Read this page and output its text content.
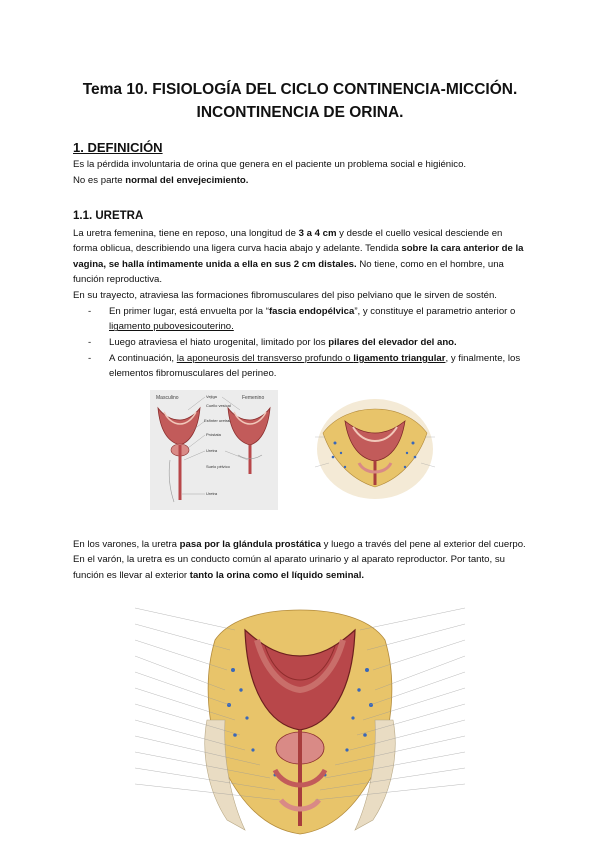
Tema 10. FISIOLOGÍA DEL CICLO CONTINENCIA-MICCIÓN.
INCONTINENCIA DE ORINA.
1. DEFINICIÓN
Es la pérdida involuntaria de orina que genera en el paciente un problema social e higiénico.
No es parte normal del envejecimiento.
1.1. URETRA
La uretra femenina, tiene en reposo, una longitud de 3 a 4 cm y desde el cuello vesical desciende en forma oblicua, describiendo una ligera curva hacia abajo y adelante. Tendida sobre la cara anterior de la vagina, se halla íntimamente unida a ella en sus 2 cm distales. No tiene, como en el hombre, una función reproductiva.
En su trayecto, atraviesa las formaciones fibromusculares del piso pelviano que le sirven de sostén.
- En primer lugar, está envuelta por la “fascia endopélvica”, y constituye el parametrio anterior o ligamento pubovesicouterino.
- Luego atraviesa el hiato urogenital, limitado por los pilares del elevador del ano.
- A continuación, la aponeurosis del transverso profundo o ligamento triangular, y finalmente, los elementos fibromusculares del perineo.
Masculino	Femenino
Vejiga
Cuello vesical
Esfínter uretral
Próstata
Uretra
Suelo pélvico
Uretra
En los varones, la uretra pasa por la glándula prostática y luego a través del pene al exterior del cuerpo. En el varón, la uretra es un conducto común al aparato urinario y al aparato reproductor. Por tanto, su función es llevar al exterior tanto la orina como el líquido seminal.
